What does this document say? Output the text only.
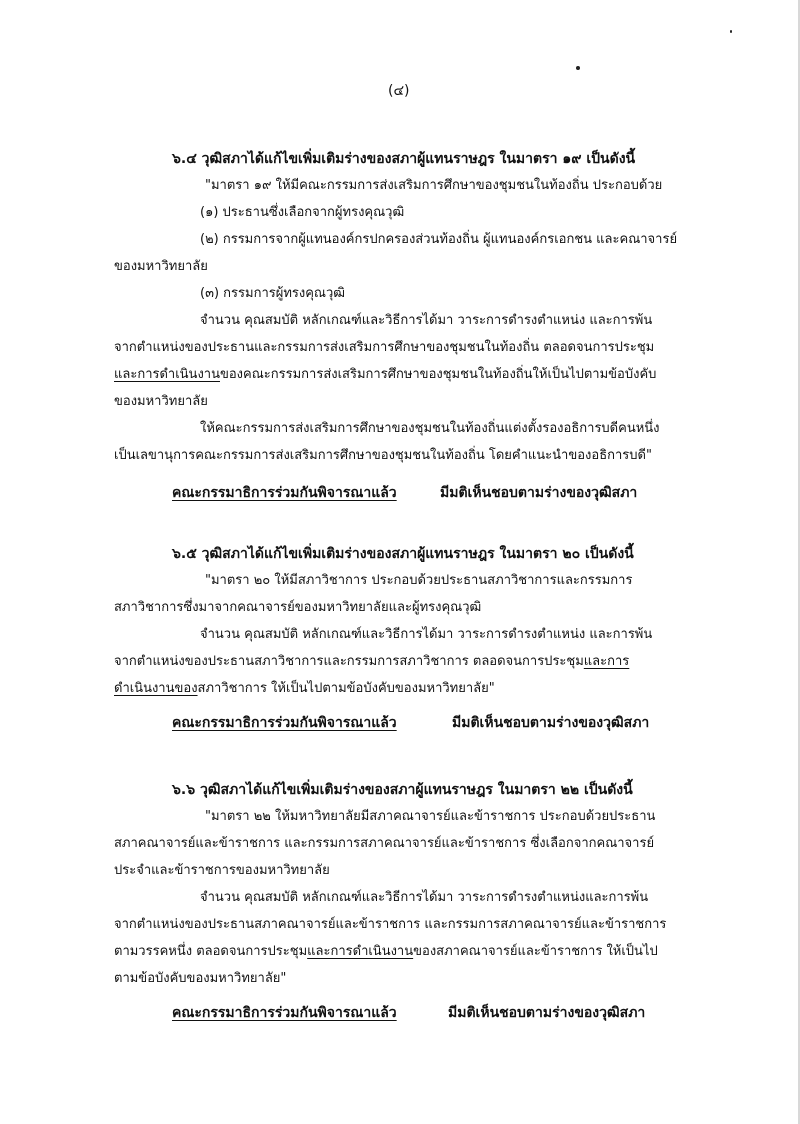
(๔)
๖.๔ วุฒิสภาได้แก้ไขเพิ่มเติมร่างของสภาผู้แทนราษฎร ในมาตรา ๑๙ เป็นดังนี้
"มาตรา ๑๙ ให้มีคณะกรรมการส่งเสริมการศึกษาของชุมชนในท้องถิ่น ประกอบด้วย
(๑) ประธานซึ่งเลือกจากผู้ทรงคุณวุฒิ
(๒) กรรมการจากผู้แทนองค์กรปกครองส่วนท้องถิ่น ผู้แทนองค์กรเอกชน และคณาจารย์
ของมหาวิทยาลัย
(๓) กรรมการผู้ทรงคุณวุฒิ
จำนวน คุณสมบัติ หลักเกณฑ์และวิธีการได้มา วาระการดำรงตำแหน่ง และการพ้น
จากตำแหน่งของประธานและกรรมการส่งเสริมการศึกษาของชุมชนในท้องถิ่น ตลอดจนการประชุม
และการดำเนินงานของคณะกรรมการส่งเสริมการศึกษาของชุมชนในท้องถิ่นให้เป็นไปตามข้อบังคับ
ของมหาวิทยาลัย
ให้คณะกรรมการส่งเสริมการศึกษาของชุมชนในท้องถิ่นแต่งตั้งรองอธิการบดีคนหนึ่ง
เป็นเลขานุการคณะกรรมการส่งเสริมการศึกษาของชุมชนในท้องถิ่น โดยคำแนะนำของอธิการบดี"
คณะกรรมาธิการร่วมกันพิจารณาแล้ว	มีมติเห็นชอบตามร่างของวุฒิสภา
๖.๕ วุฒิสภาได้แก้ไขเพิ่มเติมร่างของสภาผู้แทนราษฎร ในมาตรา ๒๐ เป็นดังนี้
"มาตรา ๒๐ ให้มีสภาวิชาการ ประกอบด้วยประธานสภาวิชาการและกรรมการ
สภาวิชาการซึ่งมาจากคณาจารย์ของมหาวิทยาลัยและผู้ทรงคุณวุฒิ
จำนวน คุณสมบัติ หลักเกณฑ์และวิธีการได้มา วาระการดำรงตำแหน่ง และการพ้น
จากตำแหน่งของประธานสภาวิชาการและกรรมการสภาวิชาการ ตลอดจนการประชุมและการ
ดำเนินงานของสภาวิชาการ ให้เป็นไปตามข้อบังคับของมหาวิทยาลัย"
คณะกรรมาธิการร่วมกันพิจารณาแล้ว	มีมติเห็นชอบตามร่างของวุฒิสภา
๖.๖ วุฒิสภาได้แก้ไขเพิ่มเติมร่างของสภาผู้แทนราษฎร ในมาตรา ๒๒ เป็นดังนี้
"มาตรา ๒๒ ให้มหาวิทยาลัยมีสภาคณาจารย์และข้าราชการ ประกอบด้วยประธาน
สภาคณาจารย์และข้าราชการ และกรรมการสภาคณาจารย์และข้าราชการ ซึ่งเลือกจากคณาจารย์
ประจำและข้าราชการของมหาวิทยาลัย
จำนวน คุณสมบัติ หลักเกณฑ์และวิธีการได้มา วาระการดำรงตำแหน่งและการพ้น
จากตำแหน่งของประธานสภาคณาจารย์และข้าราชการ และกรรมการสภาคณาจารย์และข้าราชการ
ตามวรรคหนึ่ง ตลอดจนการประชุมและการดำเนินงานของสภาคณาจารย์และข้าราชการ ให้เป็นไป
ตามข้อบังคับของมหาวิทยาลัย"
คณะกรรมาธิการร่วมกันพิจารณาแล้ว	มีมติเห็นชอบตามร่างของวุฒิสภา
